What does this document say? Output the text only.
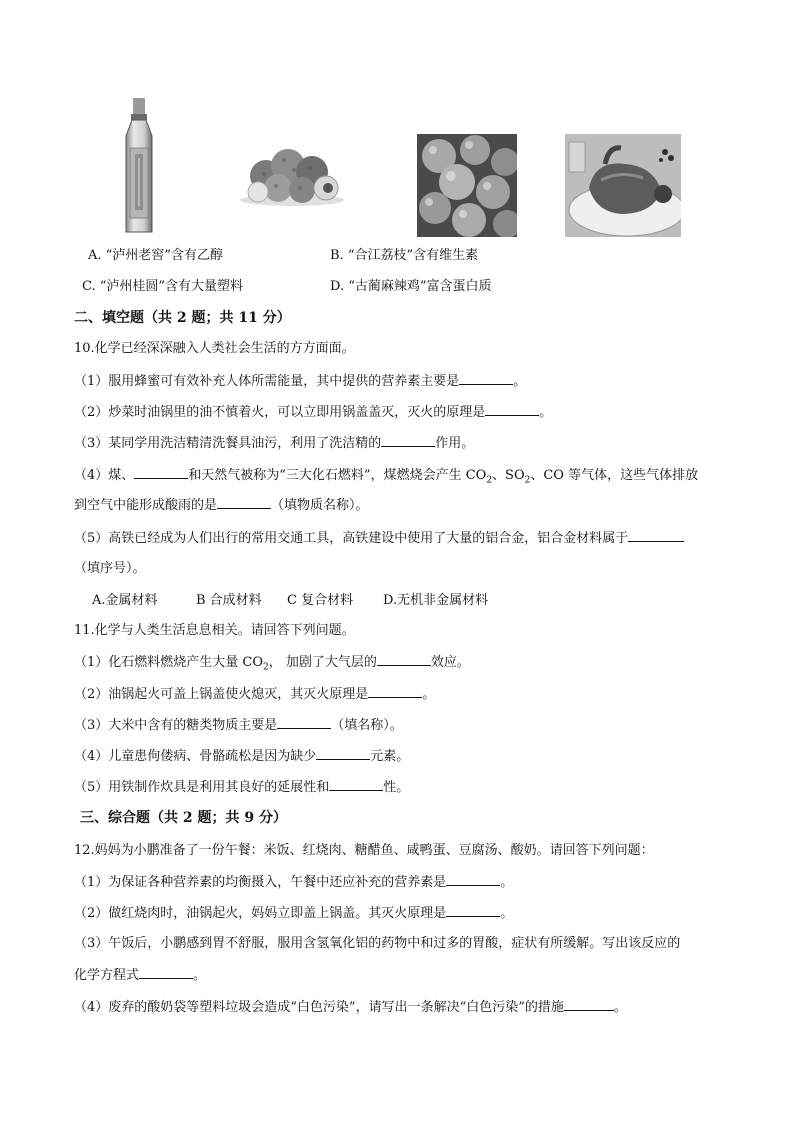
A. “泸州老窖”含有乙醇	B. “合江荔枝”含有维生素
C. “泸州桂圆”含有大量塑料	D. “古蔺麻辣鸡”富含蛋白质
二、填空题（共 2 题；共 11 分）
10.化学已经深深融入人类社会生活的方方面面。
（1）服用蜂蜜可有效补充人体所需能量，其中提供的营养素主要是	。
（2）炒菜时油锅里的油不慎着火，可以立即用锅盖盖灭，灭火的原理是	。
（3）某同学用洗洁精清洗餐具油污，利用了洗洁精的	作用。
（4）煤、	和天然气被称为“三大化石燃料”，煤燃烧会产生 $CO_2$、$SO_2$、CO 等气体，这些气体排放
到空气中能形成酸雨的是	（填物质名称）。
（5）高铁已经成为人们出行的常用交通工具，高铁建设中使用了大量的铝合金，铝合金材料属于
（填序号）。
A.金属材料	B 合成材料 C 复合材料 D.无机非金属材料
11.化学与人类生活息息相关。请回答下列问题。
（1）化石燃料燃烧产生大量 $CO_2$， 加剧了大气层的	效应。
（2）油锅起火可盖上锅盖使火熄灭，其灭火原理是	。
（3）大米中含有的糖类物质主要是	（填名称）。
（4）儿童患佝偻病、骨骼疏松是因为缺少	元素。
（5）用铁制作炊具是利用其良好的延展性和	性。
三、综合题（共 2 题；共 9 分）
12.妈妈为小鹏准备了一份午餐：米饭、红烧肉、糖醋鱼、咸鸭蛋、豆腐汤、酸奶。请回答下列问题：
（1）为保证各种营养素的均衡摄入，午餐中还应补充的营养素是	。
（2）做红烧肉时，油锅起火，妈妈立即盖上锅盖。其灭火原理是	。
（3）午饭后，小鹏感到胃不舒服，服用含氢氧化铝的药物中和过多的胃酸，症状有所缓解。写出该反应的
化学方程式	。
（4）废弃的酸奶袋等塑料垃圾会造成“白色污染”，请写出一条解决“白色污染”的措施	。
